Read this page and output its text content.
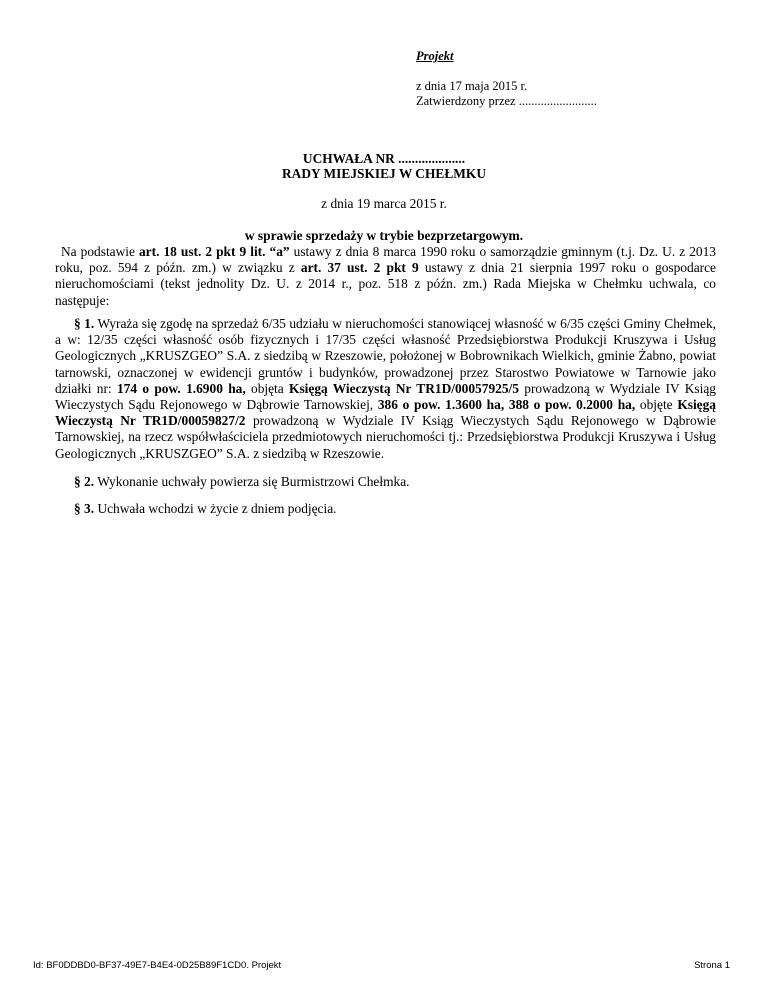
Projekt
z dnia 17 maja 2015 r.
Zatwierdzony przez .........................
UCHWAŁA NR ....................
RADY MIEJSKIEJ W CHEŁMKU
z dnia 19 marca 2015 r.
w sprawie sprzedaży w trybie bezprzetargowym.
Na podstawie art. 18 ust. 2 pkt 9 lit. “a” ustawy z dnia 8 marca 1990 roku o samorządzie gminnym (t.j. Dz. U. z 2013 roku, poz. 594 z późn. zm.) w związku z art. 37 ust. 2 pkt 9 ustawy z dnia 21 sierpnia 1997 roku o gospodarce nieruchomościami (tekst jednolity Dz. U. z 2014 r., poz. 518 z późn. zm.) Rada Miejska w Chełmku uchwala, co następuje:
§ 1. Wyraża się zgodę na sprzedaż 6/35 udziału w nieruchomości stanowiącej własność w 6/35 części Gminy Chełmek, a w: 12/35 części własność osób fizycznych i 17/35 części własność Przedsiębiorstwa Produkcji Kruszywa i Usług Geologicznych „KRUSZGEO” S.A. z siedzibą w Rzeszowie, położonej w Bobrownikach Wielkich, gminie Żabno, powiat tarnowski, oznaczonej w ewidencji gruntów i budynków, prowadzonej przez Starostwo Powiatowe w Tarnowie jako działki nr: 174 o pow. 1.6900 ha, objęta Księgą Wieczystą Nr TR1D/00057925/5 prowadzoną w Wydziale IV Ksiąg Wieczystych Sądu Rejonowego w Dąbrowie Tarnowskiej, 386 o pow. 1.3600 ha, 388 o pow. 0.2000 ha, objęte Księgą Wieczystą Nr TR1D/00059827/2 prowadzoną w Wydziale IV Ksiąg Wieczystych Sądu Rejonowego w Dąbrowie Tarnowskiej, na rzecz współwłaściciela przedmiotowych nieruchomości tj.: Przedsiębiorstwa Produkcji Kruszywa i Usług Geologicznych „KRUSZGEO” S.A. z siedzibą w Rzeszowie.
§ 2. Wykonanie uchwały powierza się Burmistrzowi Chełmka.
§ 3. Uchwała wchodzi w życie z dniem podjęcia.
Id: BF0DDBD0-BF37-49E7-B4E4-0D25B89F1CD0. Projekt	Strona 1
